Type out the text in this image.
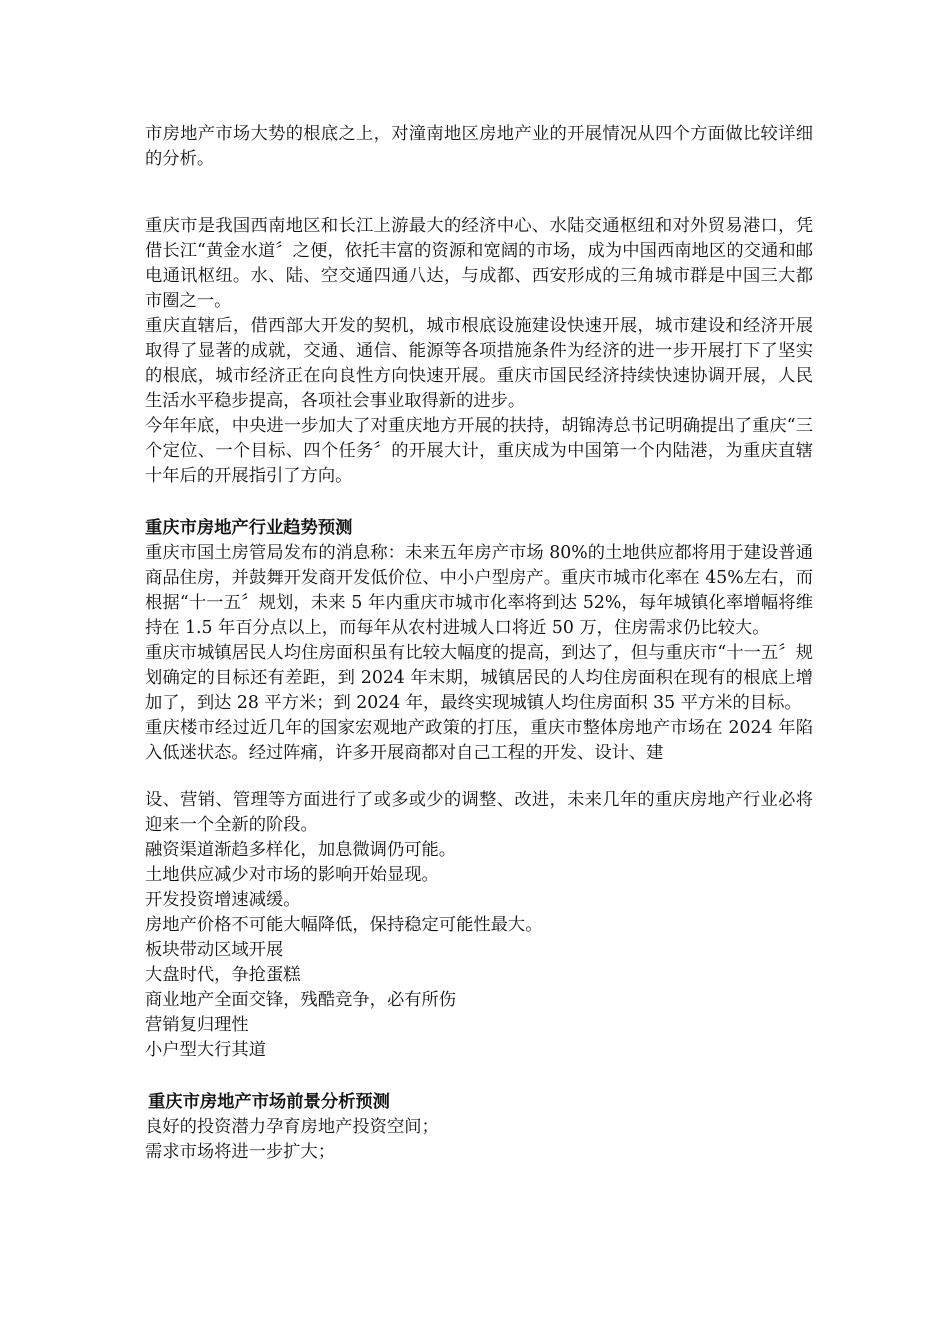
市房地产市场大势的根底之上，对潼南地区房地产业的开展情况从四个方面做比较详细的分析。

重庆市是我国西南地区和长江上游最大的经济中心、水陆交通枢纽和对外贸易港口，凭借长江“黄金水道〞之便，依托丰富的资源和宽阔的市场，成为中国西南地区的交通和邮电通讯枢纽。水、陆、空交通四通八达，与成都、西安形成的三角城市群是中国三大都市圈之一。

重庆直辖后，借西部大开发的契机，城市根底设施建设快速开展，城市建设和经济开展取得了显著的成就，交通、通信、能源等各项措施条件为经济的进一步开展打下了坚实的根底，城市经济正在向良性方向快速开展。重庆市国民经济持续快速协调开展，人民生活水平稳步提高，各项社会事业取得新的进步。

今年年底，中央进一步加大了对重庆地方开展的扶持，胡锦涛总书记明确提出了重庆“三个定位、一个目标、四个任务〞的开展大计，重庆成为中国第一个内陆港，为重庆直辖十年后的开展指引了方向。

重庆市房地产行业趋势预测

重庆市国土房管局发布的消息称：未来五年房产市场 80%的土地供应都将用于建设普通商品住房，并鼓舞开发商开发低价位、中小户型房产。重庆市城市化率在 45%左右，而根据“十一五〞规划，未来 5 年内重庆市城市化率将到达 52%，每年城镇化率增幅将维持在 1.5 年百分点以上，而每年从农村进城人口将近 50 万，住房需求仍比较大。

重庆市城镇居民人均住房面积虽有比较大幅度的提高，到达了，但与重庆市“十一五〞规划确定的目标还有差距，到 2024 年末期，城镇居民的人均住房面积在现有的根底上增加了，到达 28 平方米；到 2024 年，最终实现城镇人均住房面积 35 平方米的目标。

重庆楼市经过近几年的国家宏观地产政策的打压，重庆市整体房地产市场在 2024 年陷入低迷状态。经过阵痛，许多开展商都对自己工程的开发、设计、建

设、营销、管理等方面进行了或多或少的调整、改进，未来几年的重庆房地产行业必将迎来一个全新的阶段。

融资渠道渐趋多样化，加息微调仍可能。

土地供应减少对市场的影响开始显现。

开发投资增速减缓。

房地产价格不可能大幅降低，保持稳定可能性最大。

板块带动区域开展

大盘时代，争抢蛋糕

商业地产全面交锋，残酷竞争，必有所伤

营销复归理性

小户型大行其道

重庆市房地产市场前景分析预测

良好的投资潜力孕育房地产投资空间；

需求市场将进一步扩大；
